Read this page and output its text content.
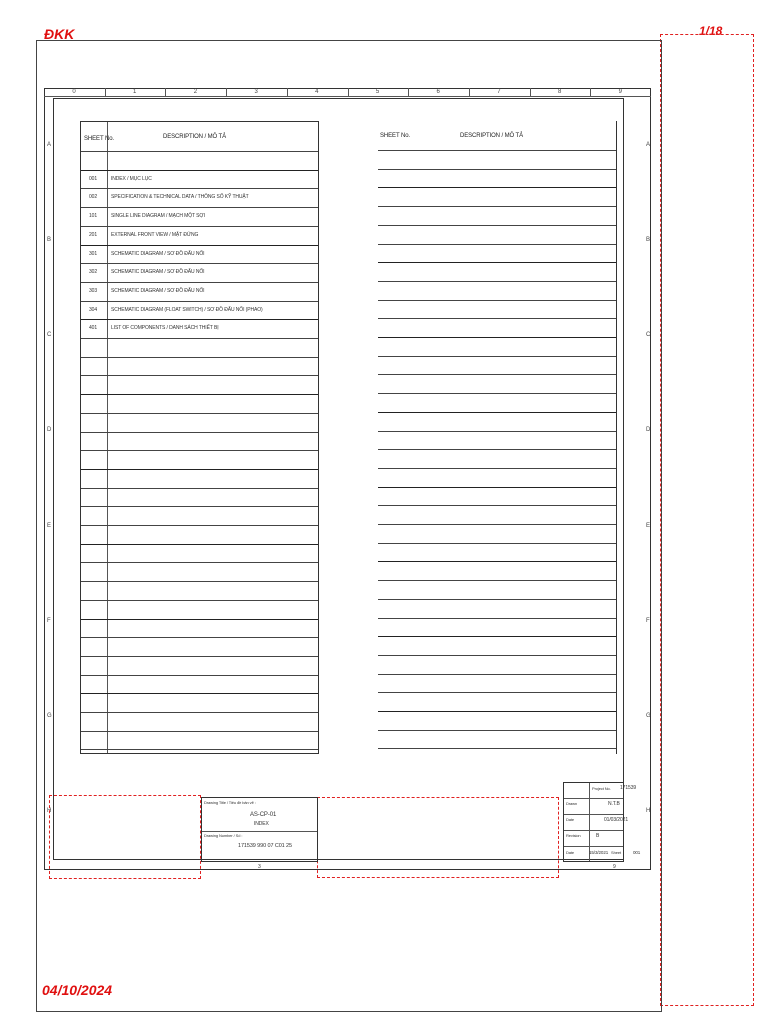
ĐKK	1/18
04/10/2024
0	1	2	3	4	5	6	7	8	9
A	A
B	B
C	C
D	D
E	E
F	F
G	G
H	H
SHEET No.	DESCRIPTION / MÔ TẢ
001	INDEX / MỤC LỤC
002	SPECIFICATION & TECHNICAL DATA / THÔNG SỐ KỸ THUẬT
101	SINGLE LINE DIAGRAM / MẠCH MỘT SỢI
201	EXTERNAL FRONT VIEW / MẶT ĐỨNG
301	SCHEMATIC DIAGRAM / SƠ ĐỒ ĐẤU NỐI
302	SCHEMATIC DIAGRAM / SƠ ĐỒ ĐẤU NỐI
303	SCHEMATIC DIAGRAM / SƠ ĐỒ ĐẤU NỐI
304	SCHEMATIC DIAGRAM (FLOAT SWITCH) / SƠ ĐỒ ĐẤU NỐI (PHAO)
401	LIST OF COMPONENTS / DANH SÁCH THIẾT BỊ
SHEET No.	DESCRIPTION / MÔ TẢ
Drawing Title / Tiêu đề bản vẽ :
AS-CP-01
INDEX
Drawing Number / Số :
171539 990 07 C01 25
Project No. 171539
Drawn	N.T.B
Date	01/03/2021
Revision	B
Date	15/3/2021 Sheet	001
3	9
